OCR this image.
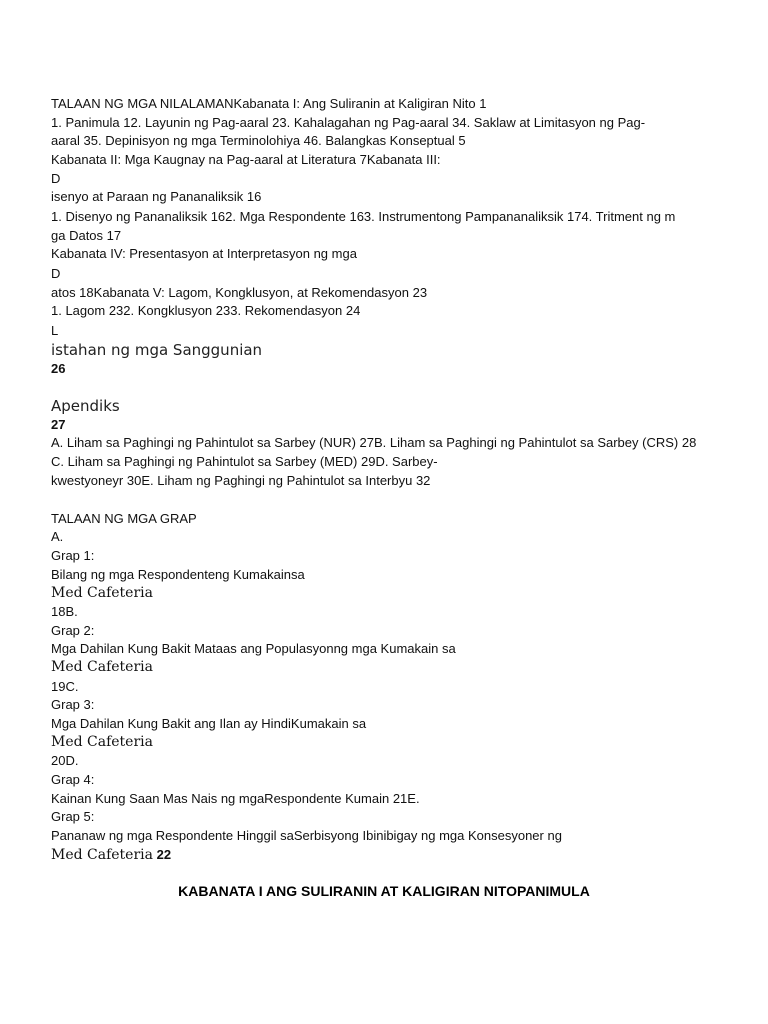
TALAAN NG MGA NILALAMANKabanata I: Ang Suliranin at Kaligiran Nito 1
1. Panimula 12. Layunin ng Pag-aaral 23. Kahalagahan ng Pag-aaral 34. Saklaw at Limitasyon ng Pag-
aaral 35. Depinisyon ng mga Terminolohiya 46. Balangkas Konseptual 5
Kabanata II: Mga Kaugnay na Pag-aaral at Literatura 7Kabanata III:
D
isenyo at Paraan ng Pananaliksik 16
1. Disenyo ng Pananaliksik 162. Mga Respondente 163. Instrumentong Pampananaliksik 174. Tritment ng m
ga Datos 17
Kabanata IV: Presentasyon at Interpretasyon ng mga
D
atos 18Kabanata V: Lagom, Kongklusyon, at Rekomendasyon 23
1. Lagom 232. Kongklusyon 233. Rekomendasyon 24
L
istahan ng mga Sanggunian
26
Apendiks
27
A. Liham sa Paghingi ng Pahintulot sa Sarbey (NUR) 27B. Liham sa Paghingi ng Pahintulot sa Sarbey (CRS) 28
C. Liham sa Paghingi ng Pahintulot sa Sarbey (MED) 29D. Sarbey-
kwestyoneyr 30E. Liham ng Paghingi ng Pahintulot sa Interbyu 32
TALAAN NG MGA GRAP
A.
Grap 1:
Bilang ng mga Respondenteng Kumakainsa
Med Cafeteria
18B.
Grap 2:
Mga Dahilan Kung Bakit Mataas ang Populasyonng mga Kumakain sa
Med Cafeteria
19C.
Grap 3:
Mga Dahilan Kung Bakit ang Ilan ay HindiKumakain sa
Med Cafeteria
20D.
Grap 4:
Kainan Kung Saan Mas Nais ng mgaRespondente Kumain 21E.
Grap 5:
Pananaw ng mga Respondente Hinggil saSerbisyong Ibinibigay ng mga Konsesyoner ng
Med Cafeteria 22
KABANATA I ANG SULIRANIN AT KALIGIRAN NITOPANIMULA
